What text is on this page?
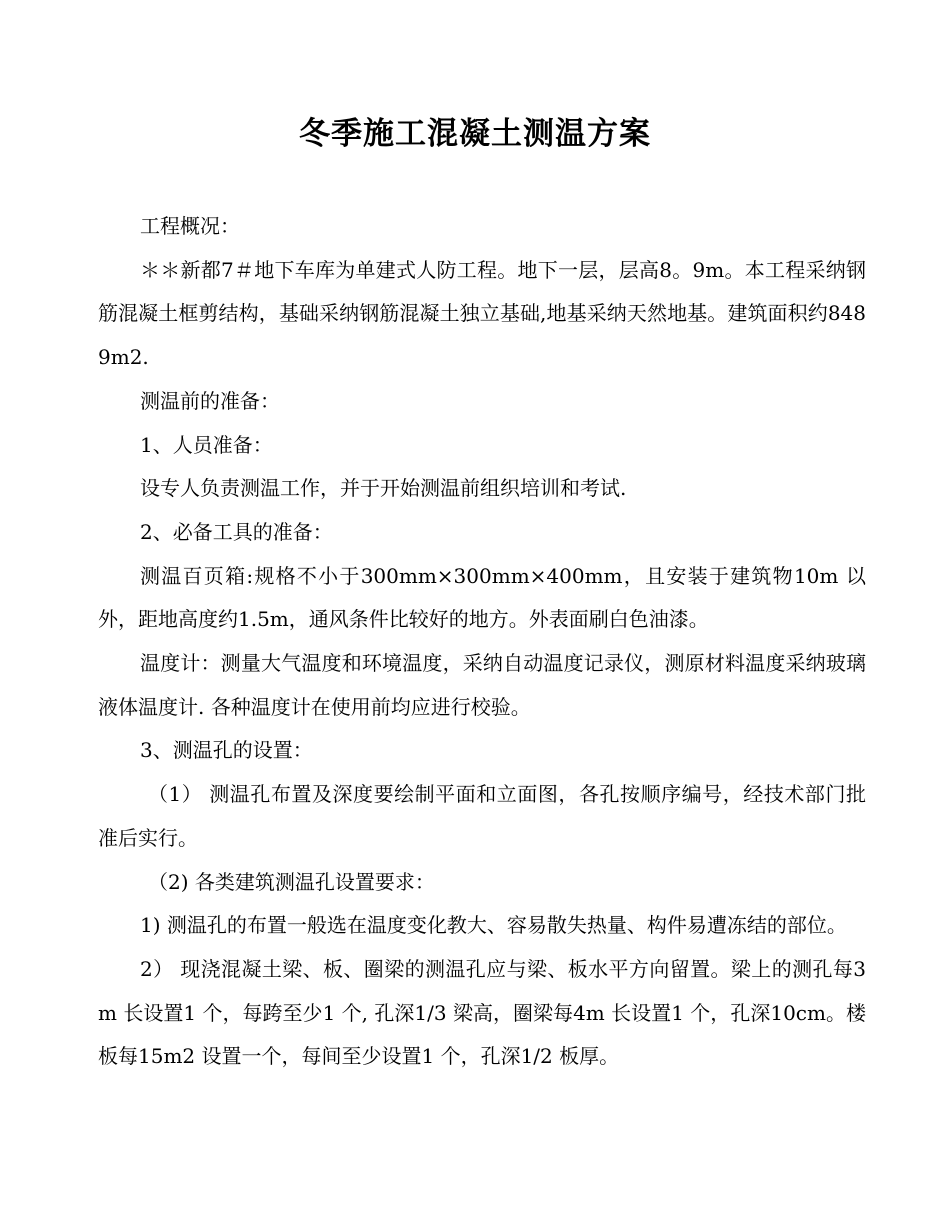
冬季施工混凝土测温方案

工程概况：

＊＊新都7＃地下车库为单建式人防工程。地下一层，层高8。9m。本工程采纳钢筋混凝土框剪结构，基础采纳钢筋混凝土独立基础,地基采纳天然地基。建筑面积约8489m2.

测温前的准备：

1、人员准备：

设专人负责测温工作，并于开始测温前组织培训和考试.

2、必备工具的准备：

测温百页箱:规格不小于300mm×300mm×400mm，且安装于建筑物10m 以外，距地高度约1.5m，通风条件比较好的地方。外表面刷白色油漆。

温度计：测量大气温度和环境温度，采纳自动温度记录仪，测原材料温度采纳玻璃液体温度计. 各种温度计在使用前均应进行校验。

3、测温孔的设置：

（1） 测温孔布置及深度要绘制平面和立面图，各孔按顺序编号，经技术部门批准后实行。

（2) 各类建筑测温孔设置要求：

1) 测温孔的布置一般选在温度变化教大、容易散失热量、构件易遭冻结的部位。

2） 现浇混凝土梁、板、圈梁的测温孔应与梁、板水平方向留置。梁上的测孔每3m 长设置1 个，每跨至少1 个, 孔深1/3 梁高，圈梁每4m 长设置1 个，孔深10cm。楼板每15m2 设置一个，每间至少设置1 个，孔深1/2 板厚。
